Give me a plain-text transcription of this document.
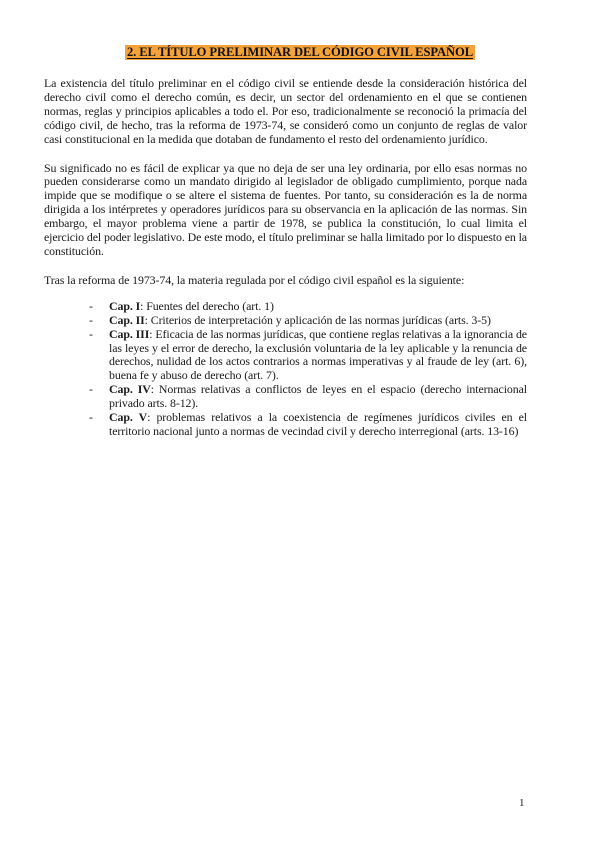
2. EL TÍTULO PRELIMINAR DEL CÓDIGO CIVIL ESPAÑOL

La existencia del título preliminar en el código civil se entiende desde la consideración histórica del derecho civil como el derecho común, es decir, un sector del ordenamiento en el que se contienen normas, reglas y principios aplicables a todo el. Por eso, tradicionalmente se reconoció la primacía del código civil, de hecho, tras la reforma de 1973-74, se consideró como un conjunto de reglas de valor casi constitucional en la medida que dotaban de fundamento el resto del ordenamiento jurídico.

Su significado no es fácil de explicar ya que no deja de ser una ley ordinaria, por ello esas normas no pueden considerarse como un mandato dirigido al legislador de obligado cumplimiento, porque nada impide que se modifique o se altere el sistema de fuentes. Por tanto, su consideración es la de norma dirigida a los intérpretes y operadores jurídicos para su observancia en la aplicación de las normas. Sin embargo, el mayor problema viene a partir de 1978, se publica la constitución, lo cual limita el ejercicio del poder legislativo. De este modo, el título preliminar se halla limitado por lo dispuesto en la constitución.

Tras la reforma de 1973-74, la materia regulada por el código civil español es la siguiente:

- Cap. I: Fuentes del derecho (art. 1)
- Cap. II: Criterios de interpretación y aplicación de las normas jurídicas (arts. 3-5)
- Cap. III: Eficacia de las normas jurídicas, que contiene reglas relativas a la ignorancia de las leyes y el error de derecho, la exclusión voluntaria de la ley aplicable y la renuncia de derechos, nulidad de los actos contrarios a normas imperativas y al fraude de ley (art. 6), buena fe y abuso de derecho (art. 7).
- Cap. IV: Normas relativas a conflictos de leyes en el espacio (derecho internacional privado arts. 8-12).
- Cap. V: problemas relativos a la coexistencia de regímenes jurídicos civiles en el territorio nacional junto a normas de vecindad civil y derecho interregional (arts. 13-16)
1
